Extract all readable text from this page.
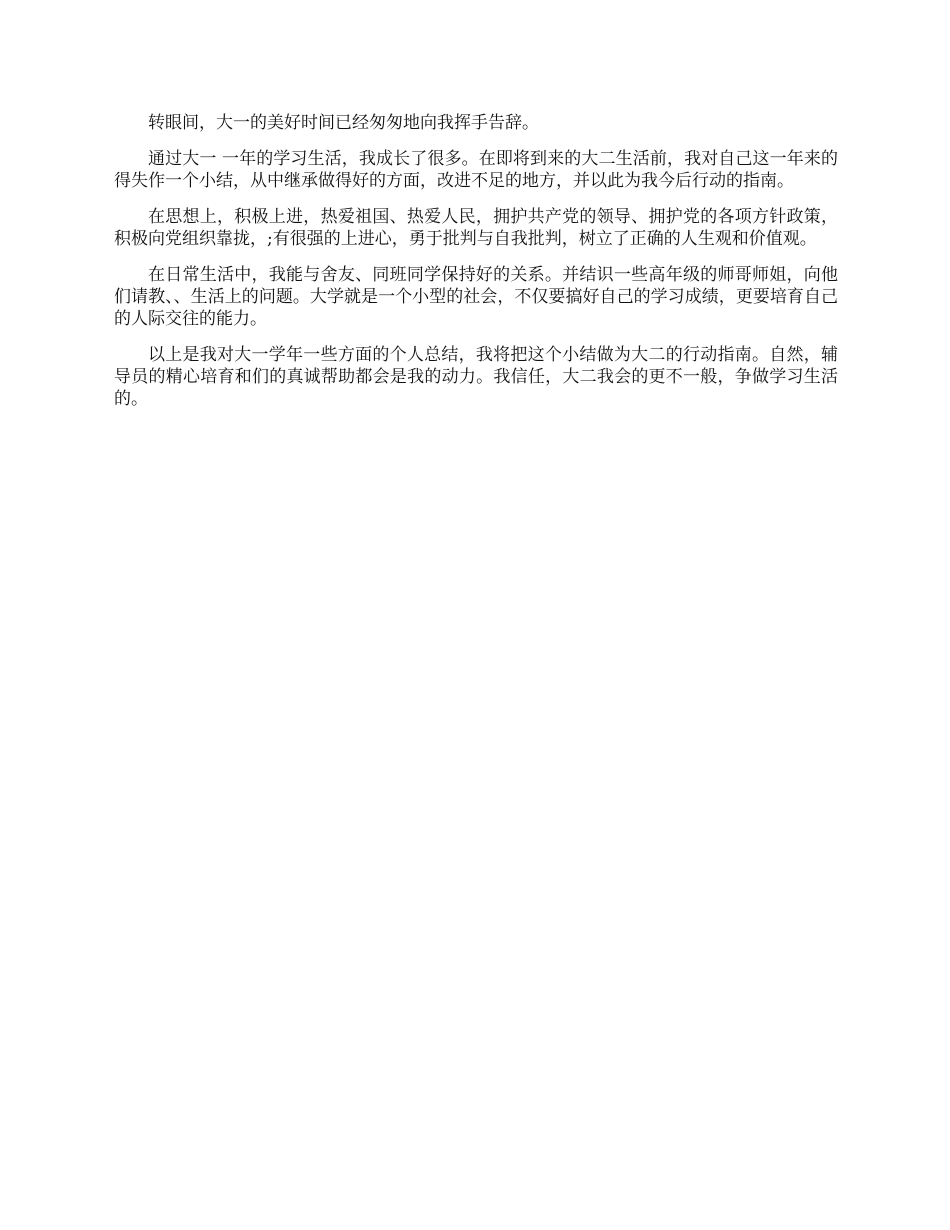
转眼间，大一的美好时间已经匆匆地向我挥手告辞。

通过大一 一年的学习生活，我成长了很多。在即将到来的大二生活前，我对自己这一年来的得失作一个小结，从中继承做得好的方面，改进不足的地方，并以此为我今后行动的指南。

在思想上，积极上进，热爱祖国、热爱人民，拥护共产党的领导、拥护党的各项方针政策，积极向党组织靠拢，;有很强的上进心，勇于批判与自我批判，树立了正确的人生观和价值观。

在日常生活中，我能与舍友、同班同学保持好的关系。并结识一些高年级的师哥师姐，向他们请教、、生活上的问题。大学就是一个小型的社会，不仅要搞好自己的学习成绩，更要培育自己的人际交往的能力。

以上是我对大一学年一些方面的个人总结，我将把这个小结做为大二的行动指南。自然，辅导员的精心培育和们的真诚帮助都会是我的动力。我信任，大二我会的更不一般，争做学习生活的。
